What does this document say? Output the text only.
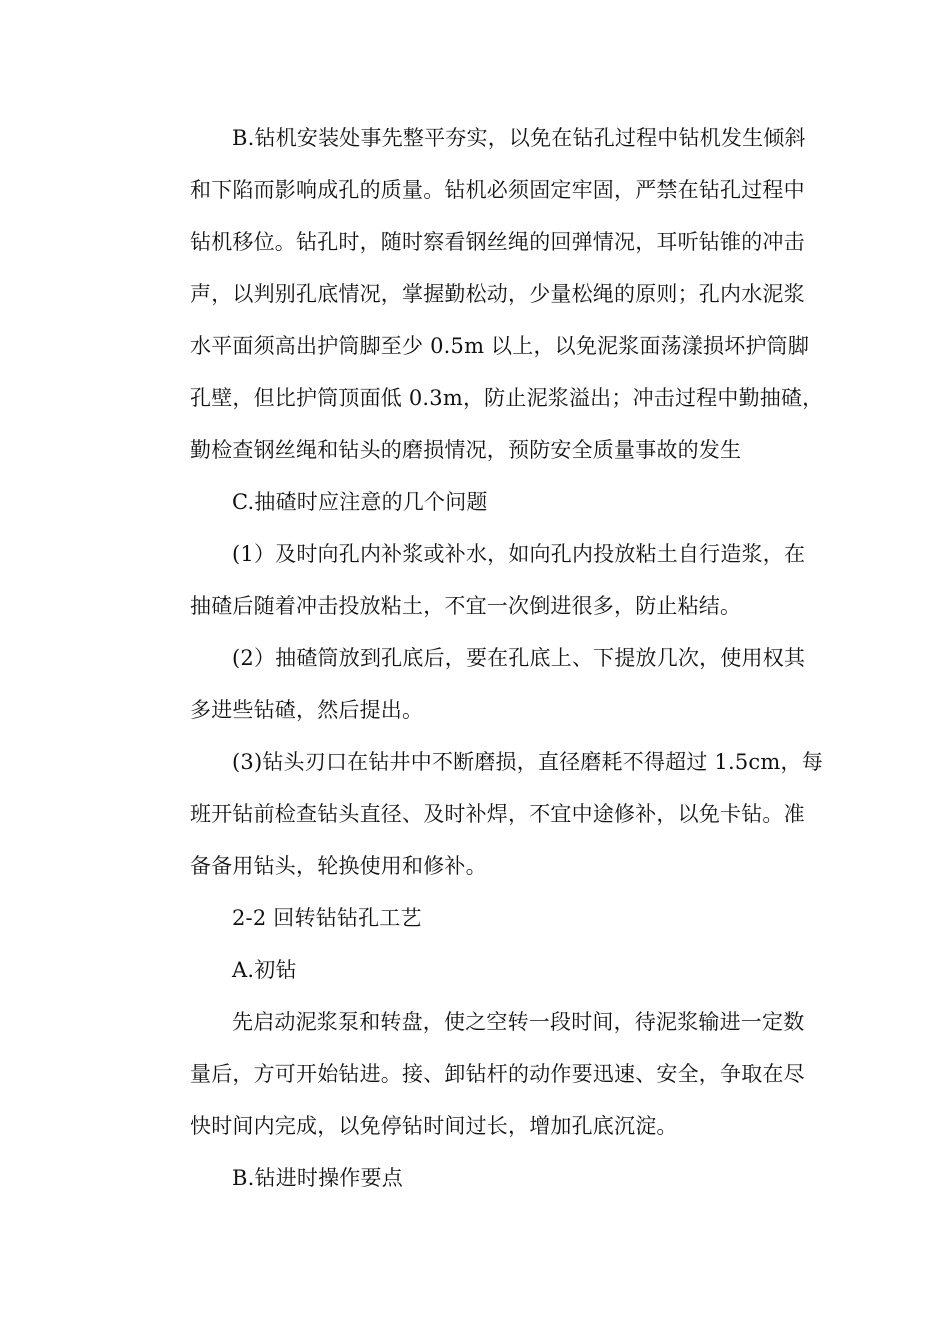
B.钻机安装处事先整平夯实，以免在钻孔过程中钻机发生倾斜
和下陷而影响成孔的质量。钻机必须固定牢固，严禁在钻孔过程中
钻机移位。钻孔时，随时察看钢丝绳的回弹情况，耳听钻锥的冲击
声，以判别孔底情况，掌握勤松动，少量松绳的原则；孔内水泥浆
水平面须高出护筒脚至少 0.5m 以上，以免泥浆面荡漾损坏护筒脚
孔壁，但比护筒顶面低 0.3m，防止泥浆溢出；冲击过程中勤抽碴，
勤检查钢丝绳和钻头的磨损情况，预防安全质量事故的发生
C.抽碴时应注意的几个问题
(1）及时向孔内补浆或补水，如向孔内投放粘土自行造浆，在
抽碴后随着冲击投放粘土，不宜一次倒进很多，防止粘结。
(2）抽碴筒放到孔底后，要在孔底上、下提放几次，使用权其
多进些钻碴，然后提出。
(3)钻头刃口在钻井中不断磨损，直径磨耗不得超过 1.5cm，每
班开钻前检查钻头直径、及时补焊，不宜中途修补，以免卡钻。准
备备用钻头，轮换使用和修补。
2-2 回转钻钻孔工艺
A.初钻
先启动泥浆泵和转盘，使之空转一段时间，待泥浆输进一定数
量后，方可开始钻进。接、卸钻杆的动作要迅速、安全，争取在尽
快时间内完成，以免停钻时间过长，增加孔底沉淀。
B.钻进时操作要点
